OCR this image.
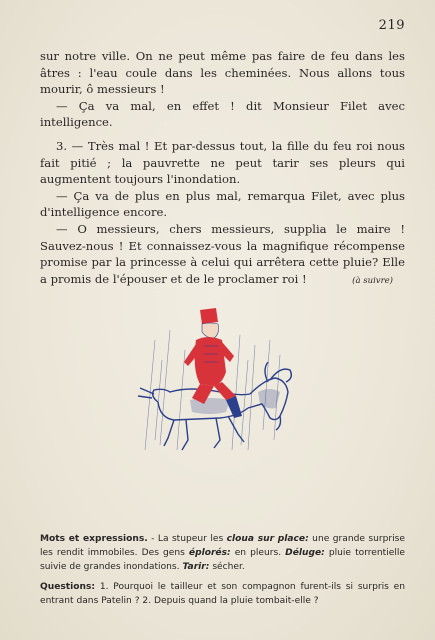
219

sur notre ville. On ne peut même pas faire de feu dans les âtres : l'eau coule dans les cheminées. Nous allons tous mourir, ô messieurs !

— Ça va mal, en effet ! dit Monsieur Filet avec intelligence.

3. — Très mal ! Et par-dessus tout, la fille du feu roi nous fait pitié ; la pauvrette ne peut tarir ses pleurs qui augmentent toujours l'inondation.

— Ça va de plus en plus mal, remarqua Filet, avec plus d'intelligence encore.

— O messieurs, chers messieurs, supplia le maire ! Sauvez-nous ! Et connaissez-vous la magnifique récompense promise par la princesse à celui qui arrêtera cette pluie? Elle a promis de l'épouser et de le proclamer roi !	(à suivre)
Mots et expressions. - La stupeur les cloua sur place: une grande surprise les rendit immobiles. Des gens éplorés: en pleurs. Déluge: pluie torrentielle suivie de grandes inondations. Tarir: sécher.
Questions: 1. Pourquoi le tailleur et son compagnon furent-ils si surpris en entrant dans Patelin ? 2. Depuis quand la pluie tombait-elle ?
